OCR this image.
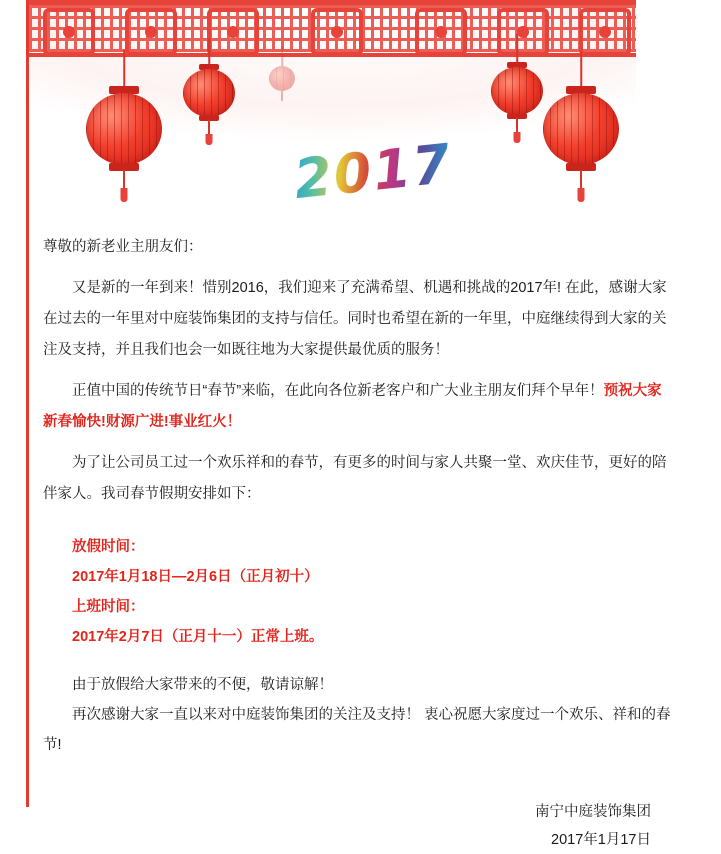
2017

尊敬的新老业主朋友们：

又是新的一年到来！惜别2016，我们迎来了充满希望、机遇和挑战的2017年! 在此，感谢大家在过去的一年里对中庭装饰集团的支持与信任。同时也希望在新的一年里，中庭继续得到大家的关注及支持，并且我们也会一如既往地为大家提供最优质的服务！

正值中国的传统节日“春节”来临，在此向各位新老客户和广大业主朋友们拜个早年！预祝大家新春愉快!财源广进!事业红火！

为了让公司员工过一个欢乐祥和的春节，有更多的时间与家人共聚一堂、欢庆佳节，更好的陪伴家人。我司春节假期安排如下：

放假时间：
2017年1月18日—2月6日（正月初十）
上班时间：
2017年2月7日（正月十一）正常上班。

由于放假给大家带来的不便，敬请谅解！

再次感谢大家一直以来对中庭装饰集团的关注及支持！ 衷心祝愿大家度过一个欢乐、祥和的春节!

南宁中庭装饰集团
2017年1月17日
